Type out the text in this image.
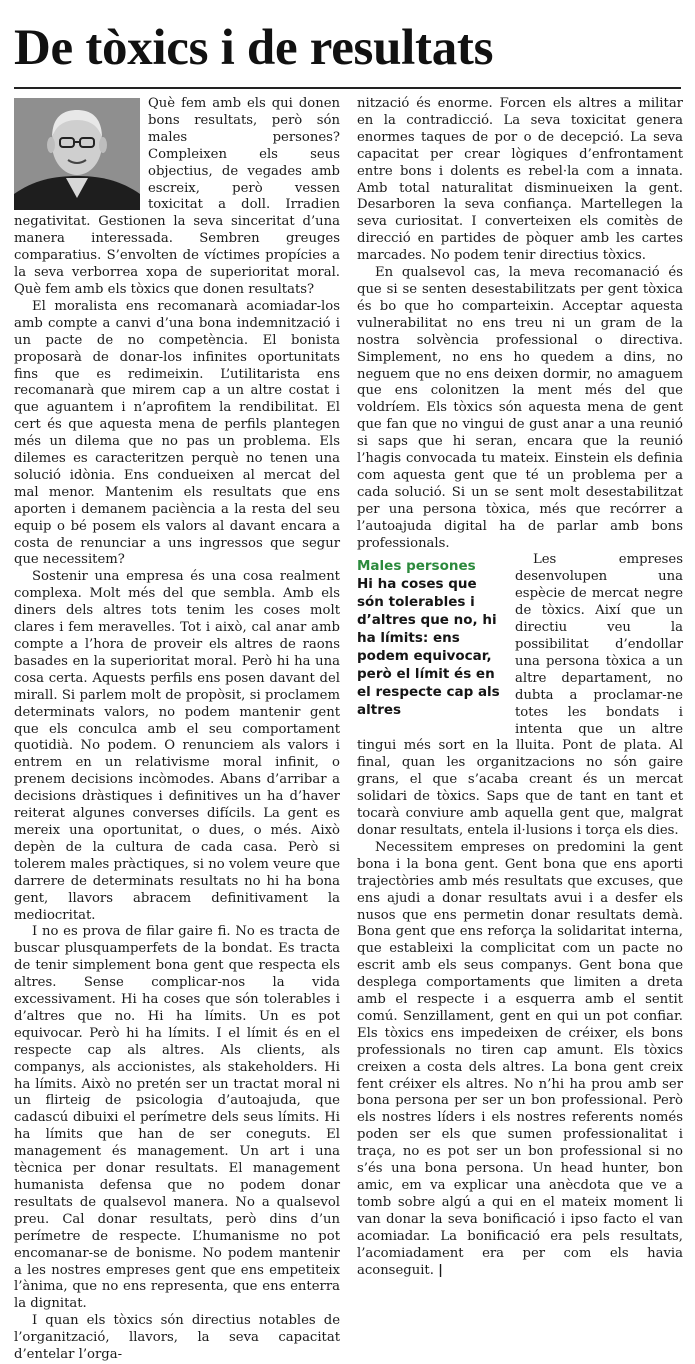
De tòxics i de resultats

Què fem amb els qui donen bons resultats, però són males persones? Compleixen els seus objectius, de vegades amb escreix, però vessen toxicitat a doll. Irradien negativitat. Gestionen la seva sinceritat d’una manera interessada. Sembren greuges comparatius. S’envolten de víctimes propícies a la seva verborrea xopa de superioritat moral. Què fem amb els tòxics que donen resultats?

El moralista ens recomanarà acomiadar-los amb compte a canvi d’una bona indemnització i un pacte de no competència. El bonista proposarà de donar-los infinites oportunitats fins que es redimeixin. L’utilitarista ens recomanarà que mirem cap a un altre costat i que aguantem i n’aprofitem la rendibilitat. El cert és que aquesta mena de perfils plantegen més un dilema que no pas un problema. Els dilemes es caracteritzen perquè no tenen una solució idònia. Ens condueixen al mercat del mal menor. Mantenim els resultats que ens aporten i demanem paciència a la resta del seu equip o bé posem els valors al davant encara a costa de renunciar a uns ingressos que segur que necessitem?

Sostenir una empresa és una cosa realment complexa. Molt més del que sembla. Amb els diners dels altres tots tenim les coses molt clares i fem meravelles. Tot i això, cal anar amb compte a l’hora de proveir els altres de raons basades en la superioritat moral. Però hi ha una cosa certa. Aquests perfils ens posen davant del mirall. Si parlem molt de propòsit, si proclamem determinats valors, no podem mantenir gent que els conculca amb el seu comportament quotidià. No podem. O renunciem als valors i entrem en un relativisme moral infinit, o prenem decisions incòmodes. Abans d’arribar a decisions dràstiques i definitives un ha d’haver reiterat algunes converses difícils. La gent es mereix una oportunitat, o dues, o més. Això depèn de la cultura de cada casa. Però si tolerem males pràctiques, si no volem veure que darrere de determinats resultats no hi ha bona gent, llavors abracem definitivament la mediocritat.

I no es prova de filar gaire fi. No es tracta de buscar plusquamperfets de la bondat. Es tracta de tenir simplement bona gent que respecta els altres. Sense complicar-nos la vida excessivament. Hi ha coses que són tolerables i d’altres que no. Hi ha límits. Un es pot equivocar. Però hi ha límits. I el límit és en el respecte cap als altres. Als clients, als companys, als accionistes, als stakeholders. Hi ha límits. Això no pretén ser un tractat moral ni un flirteig de psicologia d’autoajuda, que cadascú dibuixi el perímetre dels seus límits. Hi ha límits que han de ser coneguts. El management és management. Un art i una tècnica per donar resultats. El management humanista defensa que no podem donar resultats de qualsevol manera. No a qualsevol preu. Cal donar resultats, però dins d’un perímetre de respecte. L’humanisme no pot encomanar-se de bonisme. No podem mantenir a les nostres empreses gent que ens empetiteix l’ànima, que no ens representa, que ens enterra la dignitat.

I quan els tòxics són directius notables de l’organització, llavors, la seva capacitat d’entelar l’orga-

nització és enorme. Forcen els altres a militar en la contradicció. La seva toxicitat genera enormes taques de por o de decepció. La seva capacitat per crear lògiques d’enfrontament entre bons i dolents es rebel·la com a innata. Amb total naturalitat disminueixen la gent. Desarboren la seva confiança. Martellegen la seva curiositat. I converteixen els comitès de direcció en partides de pòquer amb les cartes marcades. No podem tenir directius tòxics.

En qualsevol cas, la meva recomanació és que si se senten desestabilitzats per gent tòxica és bo que ho comparteixin. Acceptar aquesta vulnerabilitat no ens treu ni un gram de la nostra solvència professional o directiva. Simplement, no ens ho quedem a dins, no neguem que no ens deixen dormir, no amaguem que ens colonitzen la ment més del que voldríem. Els tòxics són aquesta mena de gent que fan que no vingui de gust anar a una reunió si saps que hi seran, encara que la reunió l’hagis convocada tu mateix. Einstein els definia com aquesta gent que té un problema per a cada solució. Si un se sent molt desestabilitzat per una persona tòxica, més que recórrer a l’autoajuda digital ha de parlar amb bons professionals.

Males persones
Hi ha coses que són tolerables i d’altres que no, hi ha límits: ens podem equivocar, però el límit és en el respecte cap als altres

Les empreses desenvolupen una espècie de mercat negre de tòxics. Així que un directiu veu la possibilitat d’endollar una persona tòxica a un altre departament, no dubta a proclamar-ne totes les bondats i intenta que un altre tingui més sort en la lluita. Pont de plata. Al final, quan les organitzacions no són gaire grans, el que s’acaba creant és un mercat solidari de tòxics. Saps que de tant en tant et tocarà conviure amb aquella gent que, malgrat donar resultats, entela il·lusions i torça els dies.

Necessitem empreses on predomini la gent bona i la bona gent. Gent bona que ens aporti trajectòries amb més resultats que excuses, que ens ajudi a donar resultats avui i a desfer els nusos que ens permetin donar resultats demà. Bona gent que ens reforça la solidaritat interna, que estableixi la complicitat com un pacte no escrit amb els seus companys. Gent bona que desplega comportaments que limiten a dreta amb el respecte i a esquerra amb el sentit comú. Senzillament, gent en qui un pot confiar. Els tòxics ens impedeixen de créixer, els bons professionals no tiren cap amunt. Els tòxics creixen a costa dels altres. La bona gent creix fent créixer els altres. No n’hi ha prou amb ser bona persona per ser un bon professional. Però els nostres líders i els nostres referents només poden ser els que sumen professionalitat i traça, no es pot ser un bon professional si no s’és una bona persona. Un head hunter, bon amic, em va explicar una anècdota que ve a tomb sobre algú a qui en el mateix moment li van donar la seva bonificació i ipso facto el van acomiadar. La bonificació era pels resultats, l’acomiadament era per com els havia aconseguit. |
